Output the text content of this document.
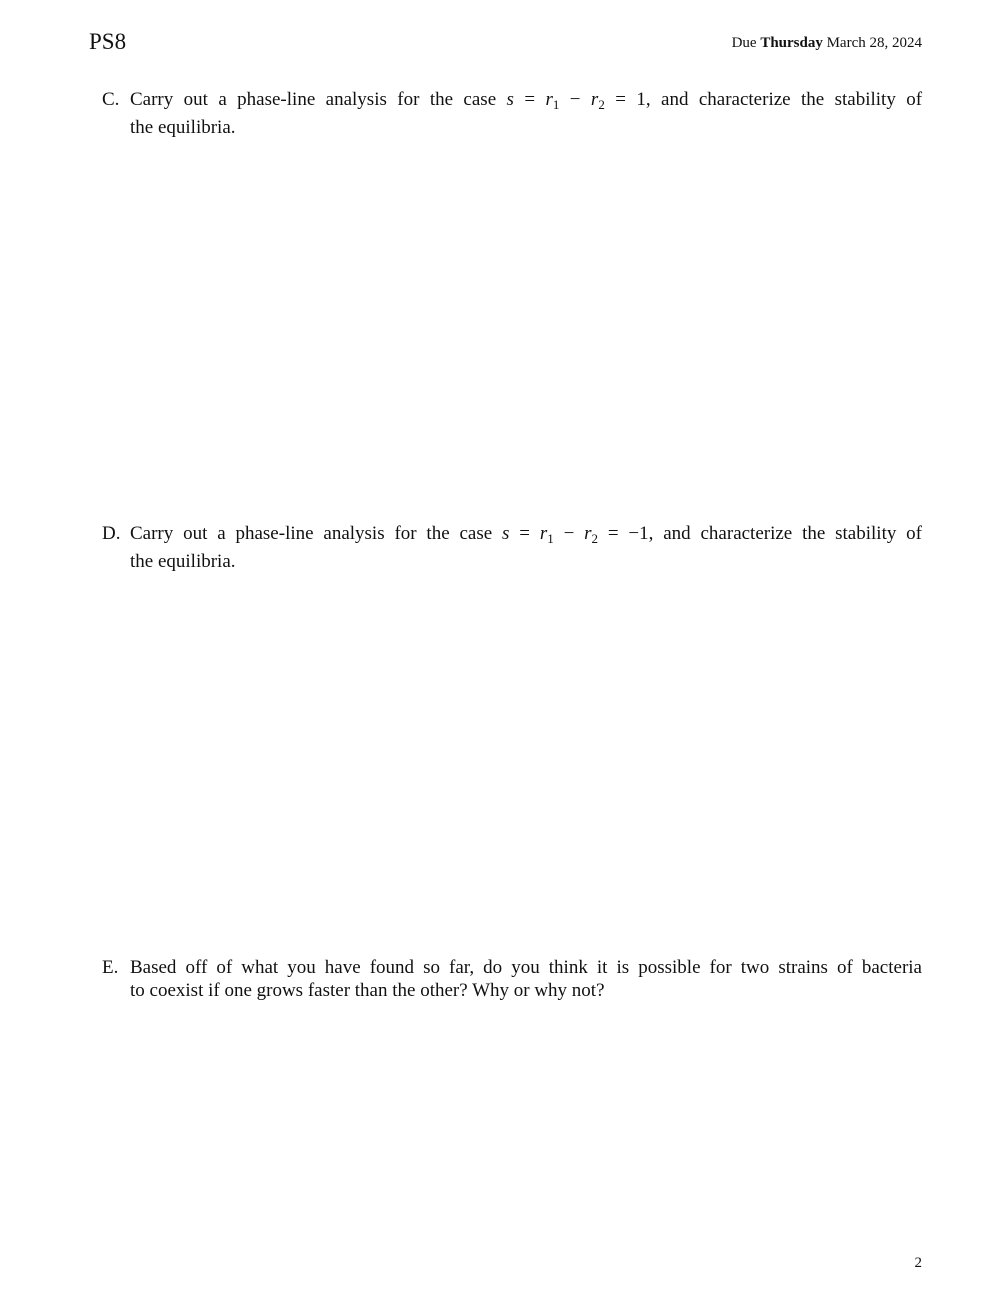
PS8	Due Thursday March 28, 2024
C. Carry out a phase-line analysis for the case $s = r_1 - r_2 = 1$, and characterize the stability of
the equilibria.
D. Carry out a phase-line analysis for the case $s = r_1 - r_2 = -1$, and characterize the stability of
the equilibria.
E. Based off of what you have found so far, do you think it is possible for two strains of bacteria
to coexist if one grows faster than the other? Why or why not?
2
